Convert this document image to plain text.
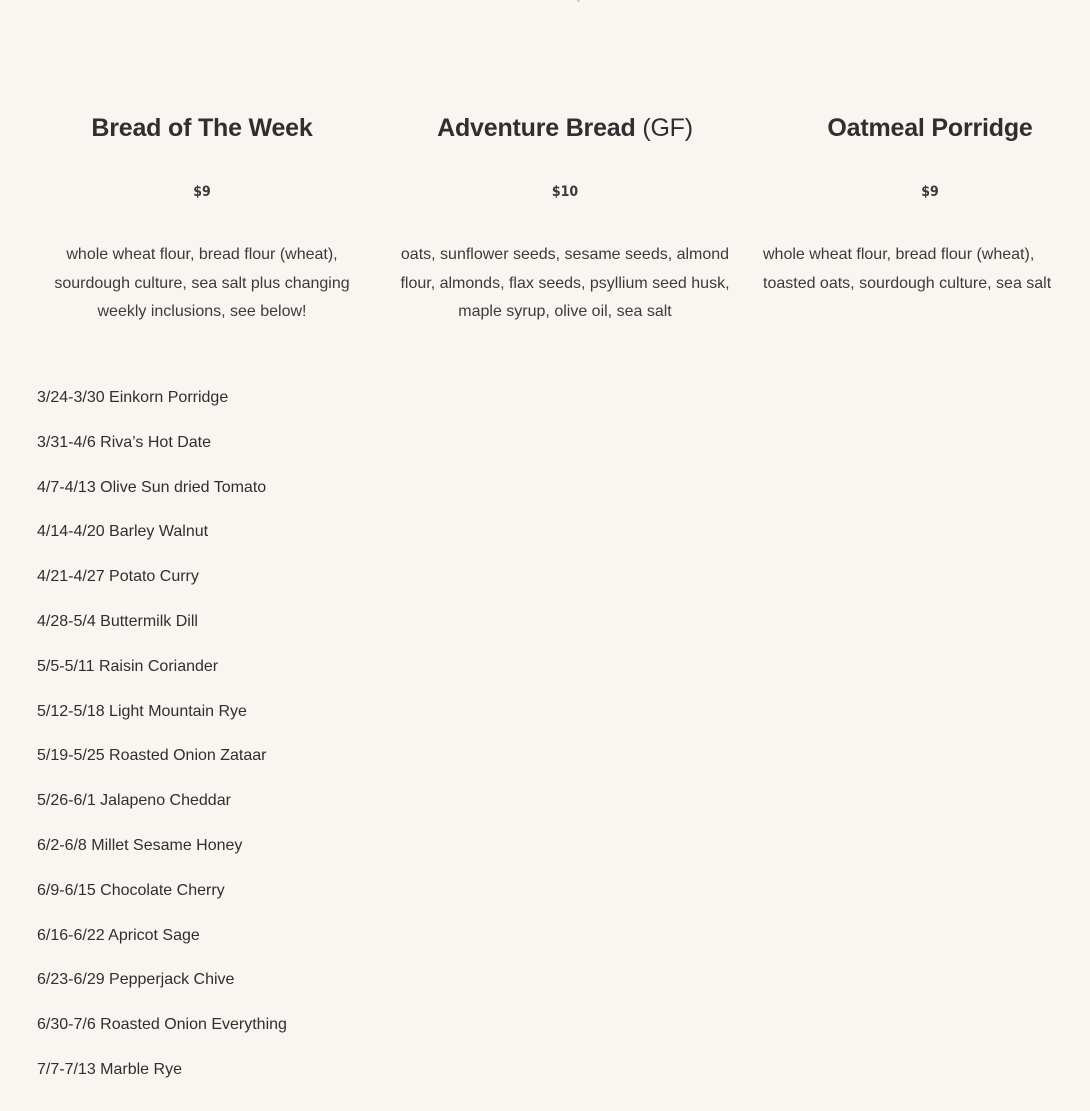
Bread of The Week
$9
whole wheat flour, bread flour (wheat), sourdough culture, sea salt plus changing weekly inclusions, see below!
Adventure Bread (GF)
$10
oats, sunflower seeds, sesame seeds, almond flour, almonds, flax seeds, psyllium seed husk, maple syrup, olive oil, sea salt
Oatmeal Porridge
$9
whole wheat flour, bread flour (wheat), toasted oats, sourdough culture, sea salt
3/24-3/30 Einkorn Porridge
3/31-4/6 Riva’s Hot Date
4/7-4/13 Olive Sun dried Tomato
4/14-4/20 Barley Walnut
4/21-4/27 Potato Curry
4/28-5/4 Buttermilk Dill
5/5-5/11 Raisin Coriander
5/12-5/18 Light Mountain Rye
5/19-5/25 Roasted Onion Zataar
5/26-6/1 Jalapeno Cheddar
6/2-6/8 Millet Sesame Honey
6/9-6/15 Chocolate Cherry
6/16-6/22 Apricot Sage
6/23-6/29 Pepperjack Chive
6/30-7/6 Roasted Onion Everything
7/7-7/13 Marble Rye
